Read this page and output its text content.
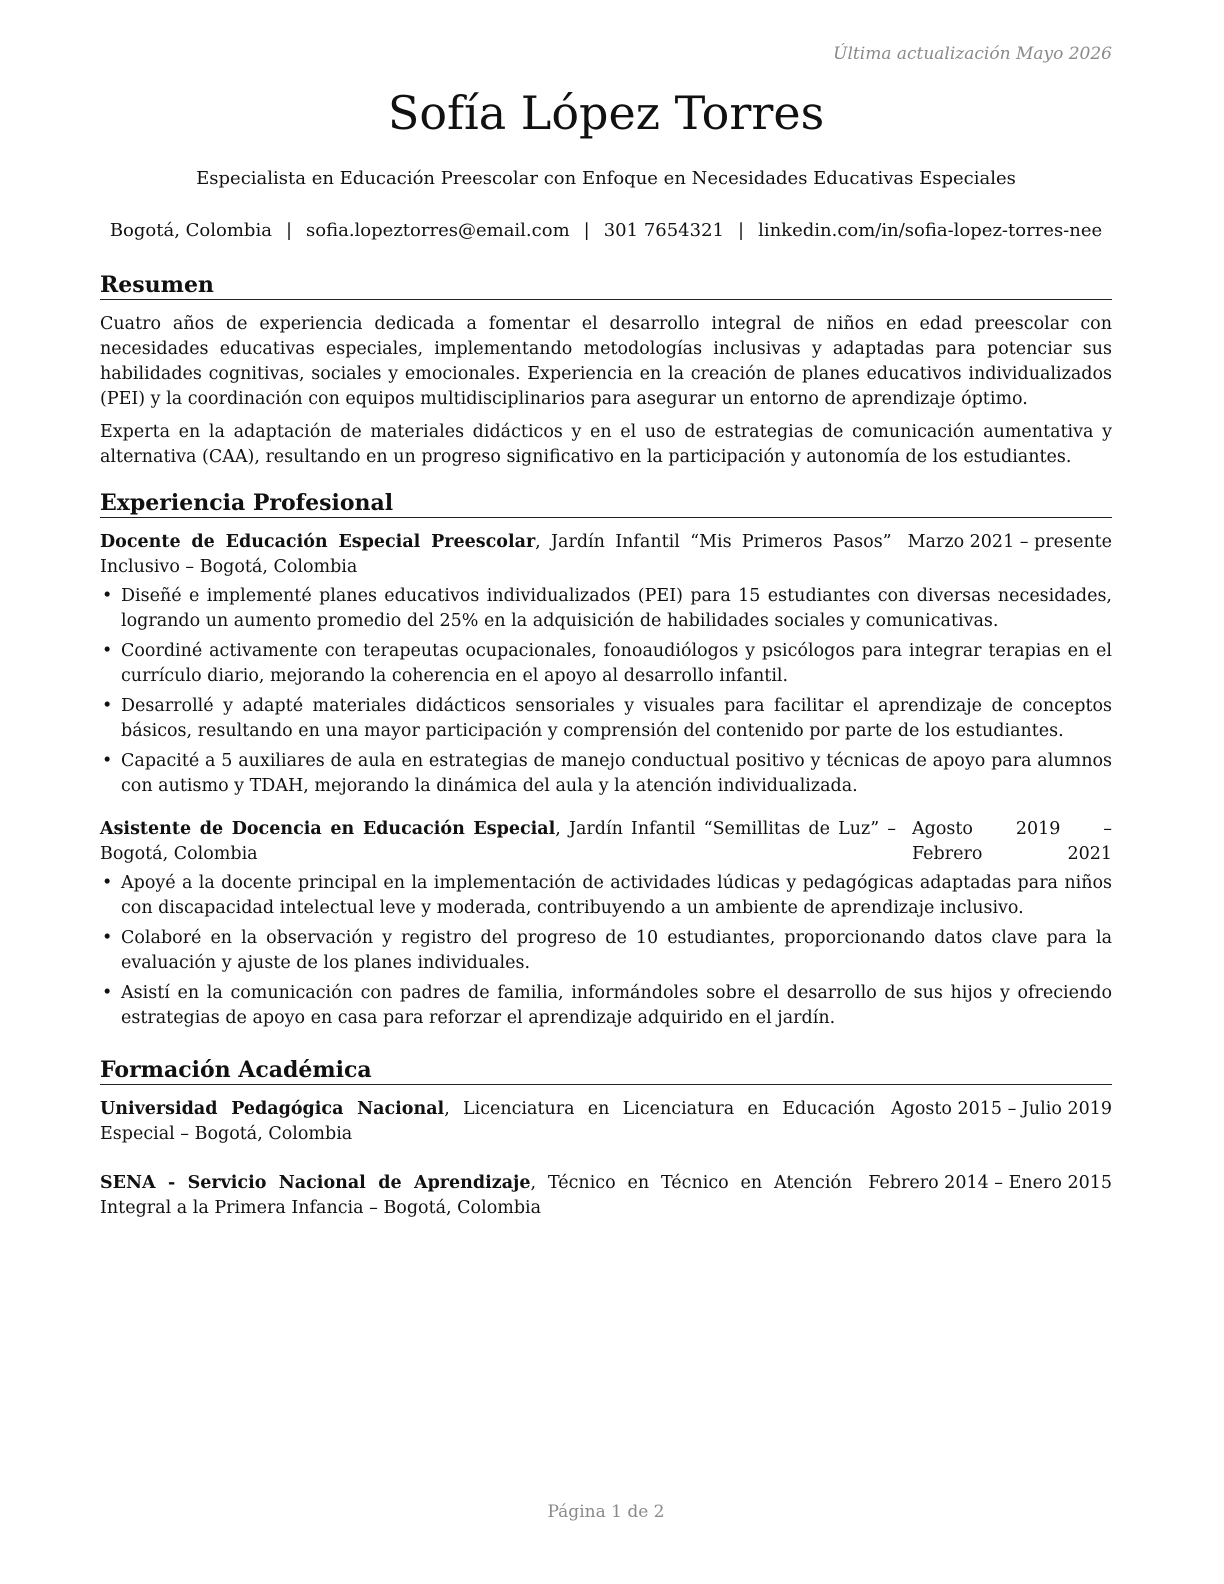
Última actualización Mayo 2026
Sofía López Torres
Especialista en Educación Preescolar con Enfoque en Necesidades Educativas Especiales
Bogotá, Colombia | sofia.lopeztorres@email.com | 301 7654321 | linkedin.com/in/sofia-lopez-torres-nee
Resumen

Cuatro años de experiencia dedicada a fomentar el desarrollo integral de niños en edad preescolar con necesidades educativas especiales, implementando metodologías inclusivas y adaptadas para potenciar sus habilidades cognitivas, sociales y emocionales. Experiencia en la creación de planes educativos individualizados (PEI) y la coordinación con equipos multidisciplinarios para asegurar un entorno de aprendizaje óptimo.

Experta en la adaptación de materiales didácticos y en el uso de estrategias de comunicación aumentativa y alternativa (CAA), resultando en un progreso significativo en la participación y autonomía de los estudiantes.

Experiencia Profesional
Docente de Educación Especial Preescolar, Jardín Infantil “Mis Primeros Pasos” Inclusivo – Bogotá, Colombia
Marzo 2021 – presente
• Diseñé e implementé planes educativos individualizados (PEI) para 15 estudiantes con diversas necesidades, logrando un aumento promedio del 25% en la adquisición de habilidades sociales y comunicativas.
• Coordiné activamente con terapeutas ocupacionales, fonoaudiólogos y psicólogos para integrar terapias en el currículo diario, mejorando la coherencia en el apoyo al desarrollo infantil.
• Desarrollé y adapté materiales didácticos sensoriales y visuales para facilitar el aprendizaje de conceptos básicos, resultando en una mayor participación y comprensión del contenido por parte de los estudiantes.
• Capacité a 5 auxiliares de aula en estrategias de manejo conductual positivo y técnicas de apoyo para alumnos con autismo y TDAH, mejorando la dinámica del aula y la atención individualizada.
Asistente de Docencia en Educación Especial, Jardín Infantil “Semillitas de Luz” – Bogotá, Colombia
Agosto 2019 – Febrero 2021
• Apoyé a la docente principal en la implementación de actividades lúdicas y pedagógicas adaptadas para niños con discapacidad intelectual leve y moderada, contribuyendo a un ambiente de aprendizaje inclusivo.
• Colaboré en la observación y registro del progreso de 10 estudiantes, proporcionando datos clave para la evaluación y ajuste de los planes individuales.
• Asistí en la comunicación con padres de familia, informándoles sobre el desarrollo de sus hijos y ofreciendo estrategias de apoyo en casa para reforzar el aprendizaje adquirido en el jardín.
Formación Académica
Universidad Pedagógica Nacional, Licenciatura en Licenciatura en Educación Especial – Bogotá, Colombia
Agosto 2015 – Julio 2019
SENA - Servicio Nacional de Aprendizaje, Técnico en Técnico en Atención Integral a la Primera Infancia – Bogotá, Colombia
Febrero 2014 – Enero 2015
Página 1 de 2
